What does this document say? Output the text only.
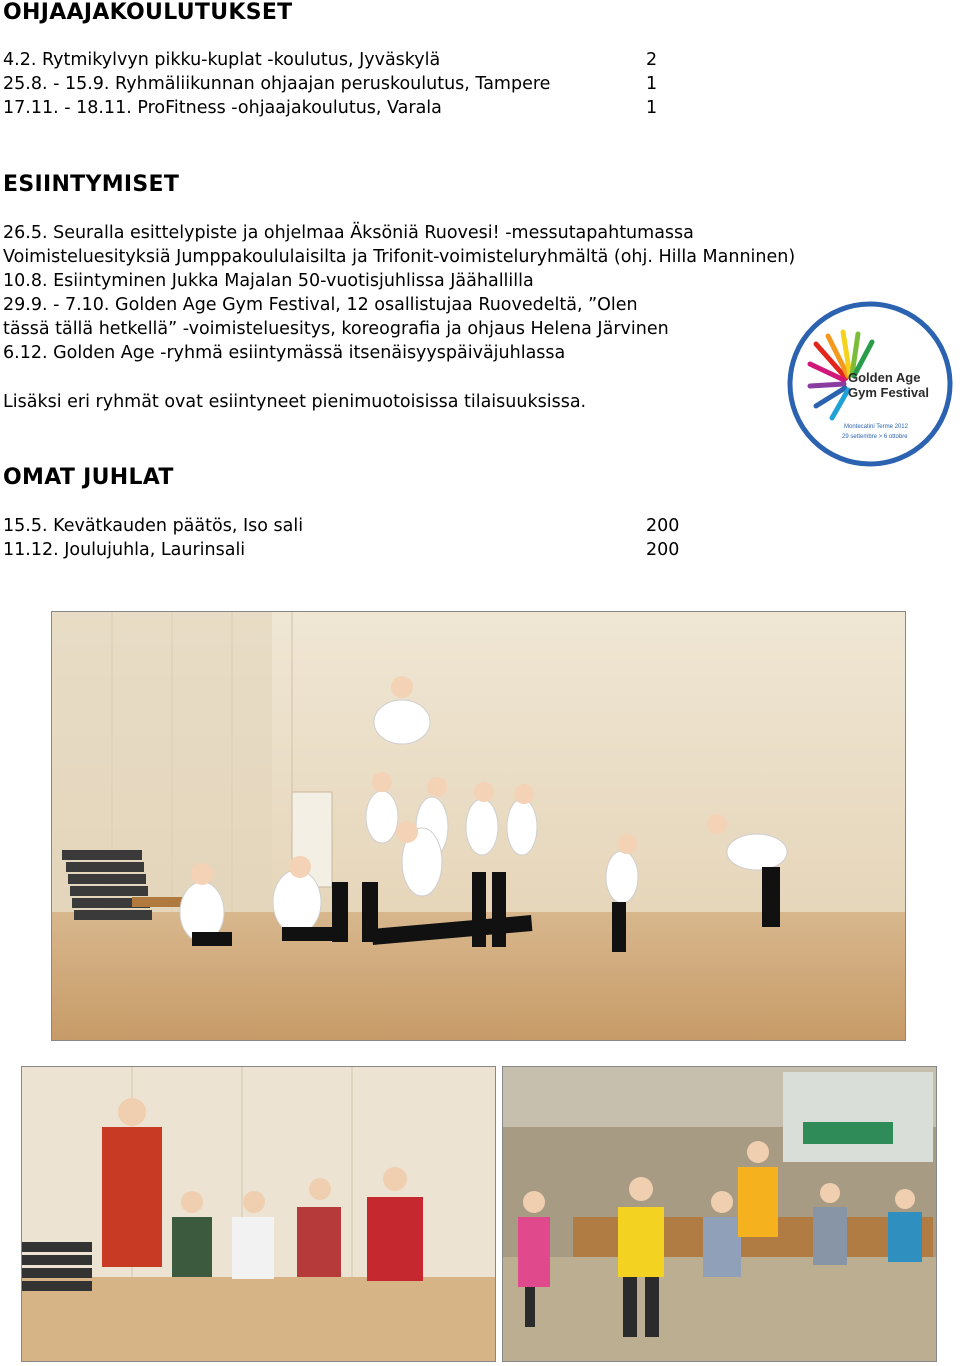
OHJAAJAKOULUTUKSET
4.2. Rytmikylvyn pikku-kuplat -koulutus, Jyväskylä	2
25.8. - 15.9. Ryhmäliikunnan ohjaajan peruskoulutus, Tampere	1
17.11. - 18.11. ProFitness -ohjaajakoulutus, Varala	1
ESIINTYMISET
26.5. Seuralla esittelypiste ja ohjelmaa Äksöniä Ruovesi! -messutapahtumassa
Voimisteluesityksiä Jumppakoululaisilta ja Trifonit-voimisteluryhmältä (ohj. Hilla Manninen)
10.8. Esiintyminen Jukka Majalan 50-vuotisjuhlissa Jäähallilla
29.9. - 7.10. Golden Age Gym Festival, 12 osallistujaa Ruovedeltä, ”Olen
tässä tällä hetkellä” -voimisteluesitys, koreografia ja ohjaus Helena Järvinen
6.12. Golden Age -ryhmä esiintymässä itsenäisyyspäiväjuhlassa
Lisäksi eri ryhmät ovat esiintyneet pienimuotoisissa tilaisuuksissa.
Golden Age
Gym Festival
Montecatini Terme 2012
29 settembre > 6 ottobre
OMAT JUHLAT
15.5. Kevätkauden päätös, Iso sali	200
11.12. Joulujuhla, Laurinsali	200
